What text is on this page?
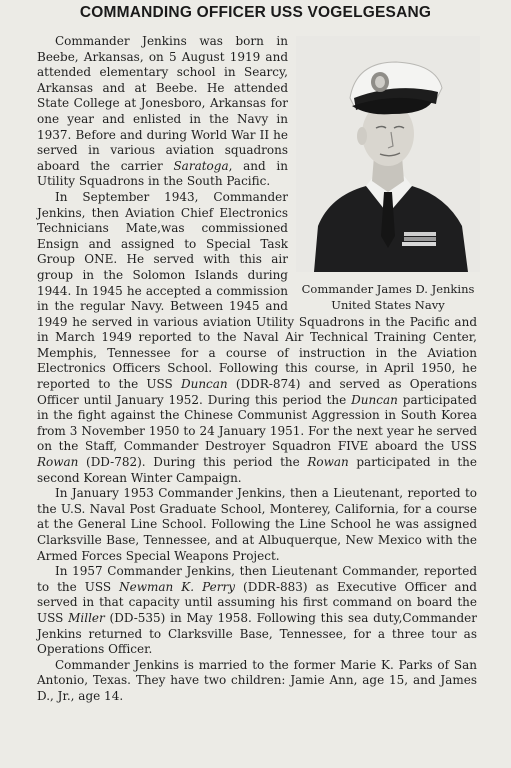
COMMANDING OFFICER USS VOGELGESANG
Commander James D. Jenkins
United States Navy

Commander Jenkins was born in Beebe, Arkansas, on 5 August 1919 and attended elementary school in Searcy, Arkansas and at Beebe. He attended State College at Jonesboro, Arkansas for one year and enlisted in the Navy in 1937. Before and during World War II he served in various aviation squadrons aboard the carrier Saratoga, and in Utility Squadrons in the South Pacific.

In September 1943, Commander Jenkins, then Aviation Chief Electronics Technicians Mate,was commissioned Ensign and assigned to Special Task Group ONE. He served with this air group in the Solomon Islands during 1944. In 1945 he accepted a commission in the regular Navy. Between 1945 and 1949 he served in various aviation Utility Squadrons in the Pacific and in March 1949 reported to the Naval Air Technical Training Center, Memphis, Tennessee for a course of instruction in the Aviation Electronics Officers School. Following this course, in April 1950, he reported to the USS Duncan (DDR-874) and served as Operations Officer until January 1952. During this period the Duncan participated in the fight against the Chinese Communist Aggression in South Korea from 3 November 1950 to 24 January 1951. For the next year he served on the Staff, Commander Destroyer Squadron FIVE aboard the USS Rowan (DD-782). During this period the Rowan participated in the second Korean Winter Campaign.

In January 1953 Commander Jenkins, then a Lieutenant, reported to the U.S. Naval Post Graduate School, Monterey, California, for a course at the General Line School. Following the Line School he was assigned Clarksville Base, Tennessee, and at Albuquerque, New Mexico with the Armed Forces Special Weapons Project.

In 1957 Commander Jenkins, then Lieutenant Commander, reported to the USS Newman K. Perry (DDR-883) as Executive Officer and served in that capacity until assuming his first command on board the USS Miller (DD-535) in May 1958. Following this sea duty,Commander Jenkins returned to Clarksville Base, Tennessee, for a three tour as Operations Officer.

Commander Jenkins is married to the former Marie K. Parks of San Antonio, Texas. They have two children: Jamie Ann, age 15, and James D., Jr., age 14.
